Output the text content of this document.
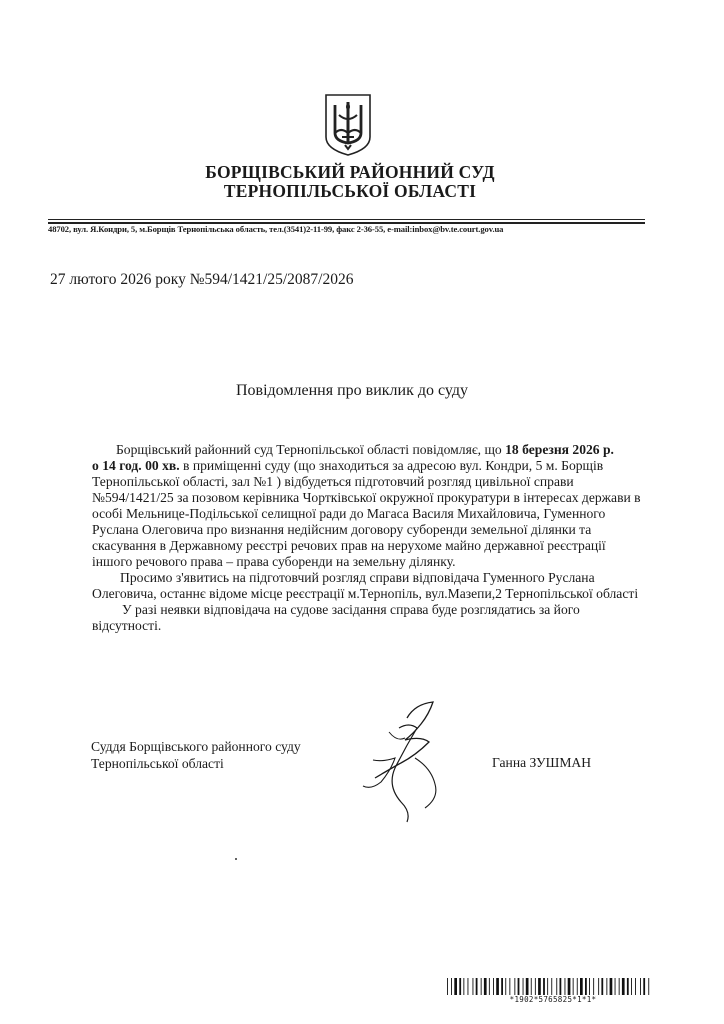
БОРЩІВСЬКИЙ РАЙОННИЙ СУД
ТЕРНОПІЛЬСЬКОЇ ОБЛАСТІ
48702, вул. Я.Кондри, 5, м.Борщів Тернопільська область, тел.(3541)2-11-99, факс 2-36-55, e-mail:inbox@bv.te.court.gov.ua
27 лютого 2026 року №594/1421/25/2087/2026
Повідомлення про виклик до суду

Борщівський районний суд Тернопільської області повідомляє, що 18 березня 2026 р.
о 14 год. 00 хв. в приміщенні суду (що знаходиться за адресою вул. Кондри, 5 м. Борщів
Тернопільської області, зал №1 ) відбудеться підготовчий розгляд цивільної справи
№594/1421/25 за позовом керівника Чортківської окружної прокуратури в інтересах держави в
особі Мельнице-Подільської селищної ради до Магаса Василя Михайловича, Гуменного
Руслана Олеговича про визнання недійсним договору суборенди земельної ділянки та
скасування в Державному реєстрі речових прав на нерухоме майно державної реєстрації
іншого речового права – права суборенди на земельну ділянку.

Просимо з'явитись на підготовчий розгляд справи відповідача Гуменного Руслана
Олеговича, останнє відоме місце реєстрації м.Тернопіль, вул.Мазепи,2 Тернопільської області

У разі неявки відповідача на судове засідання справа буде розглядатись за його
відсутності.

Суддя Борщівського районного суду
Тернопільської області	Ганна ЗУШМАН
*1902*5765825*1*1*
